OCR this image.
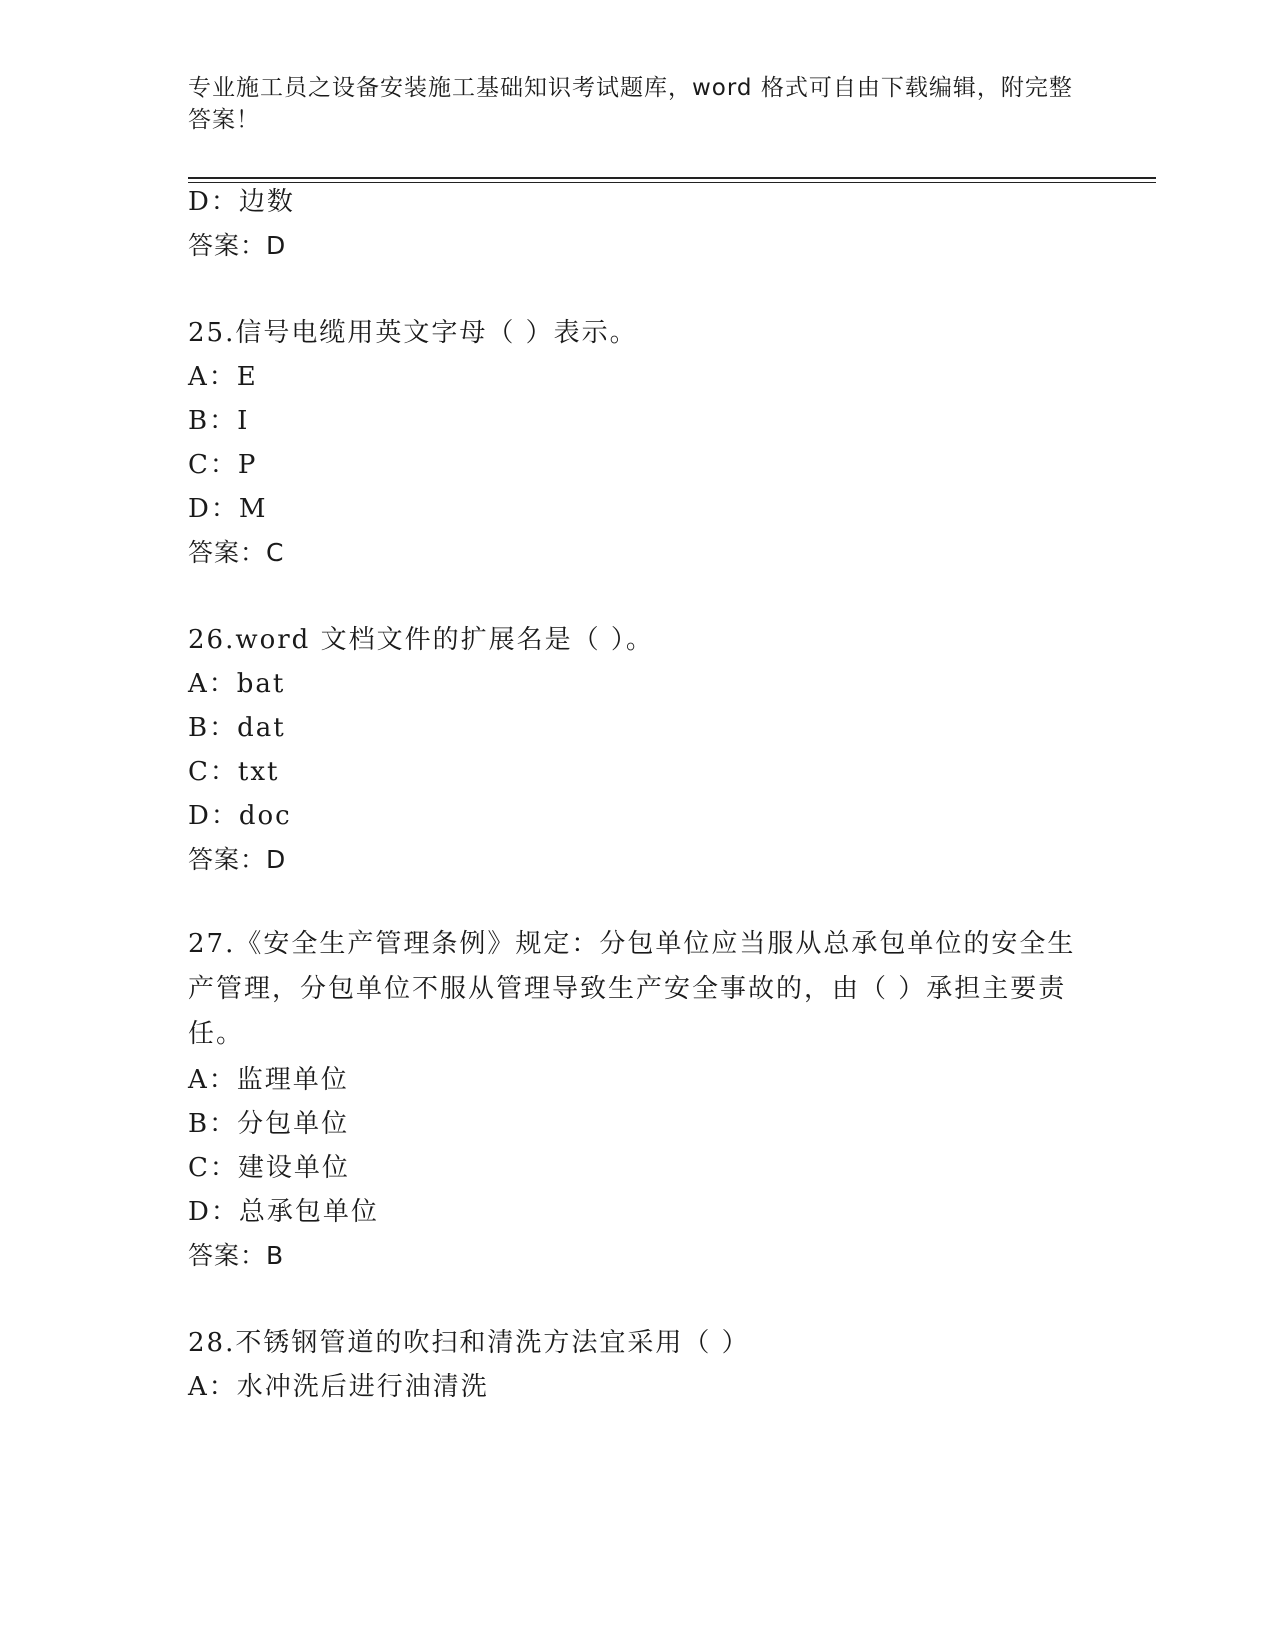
专业施工员之设备安装施工基础知识考试题库，word 格式可自由下载编辑，附完整答案！
D：边数
答案：D
25.信号电缆用英文字母（ ）表示。
A：E
B：I
C：P
D：M
答案：C
26.word 文档文件的扩展名是（ ）。
A：bat
B：dat
C：txt
D：doc
答案：D
27.《安全生产管理条例》规定：分包单位应当服从总承包单位的安全生产管理，分包单位不服从管理导致生产安全事故的，由（ ）承担主要责任。
A：监理单位
B：分包单位
C：建设单位
D：总承包单位
答案：B
28.不锈钢管道的吹扫和清洗方法宜采用（ ）
A：水冲洗后进行油清洗
